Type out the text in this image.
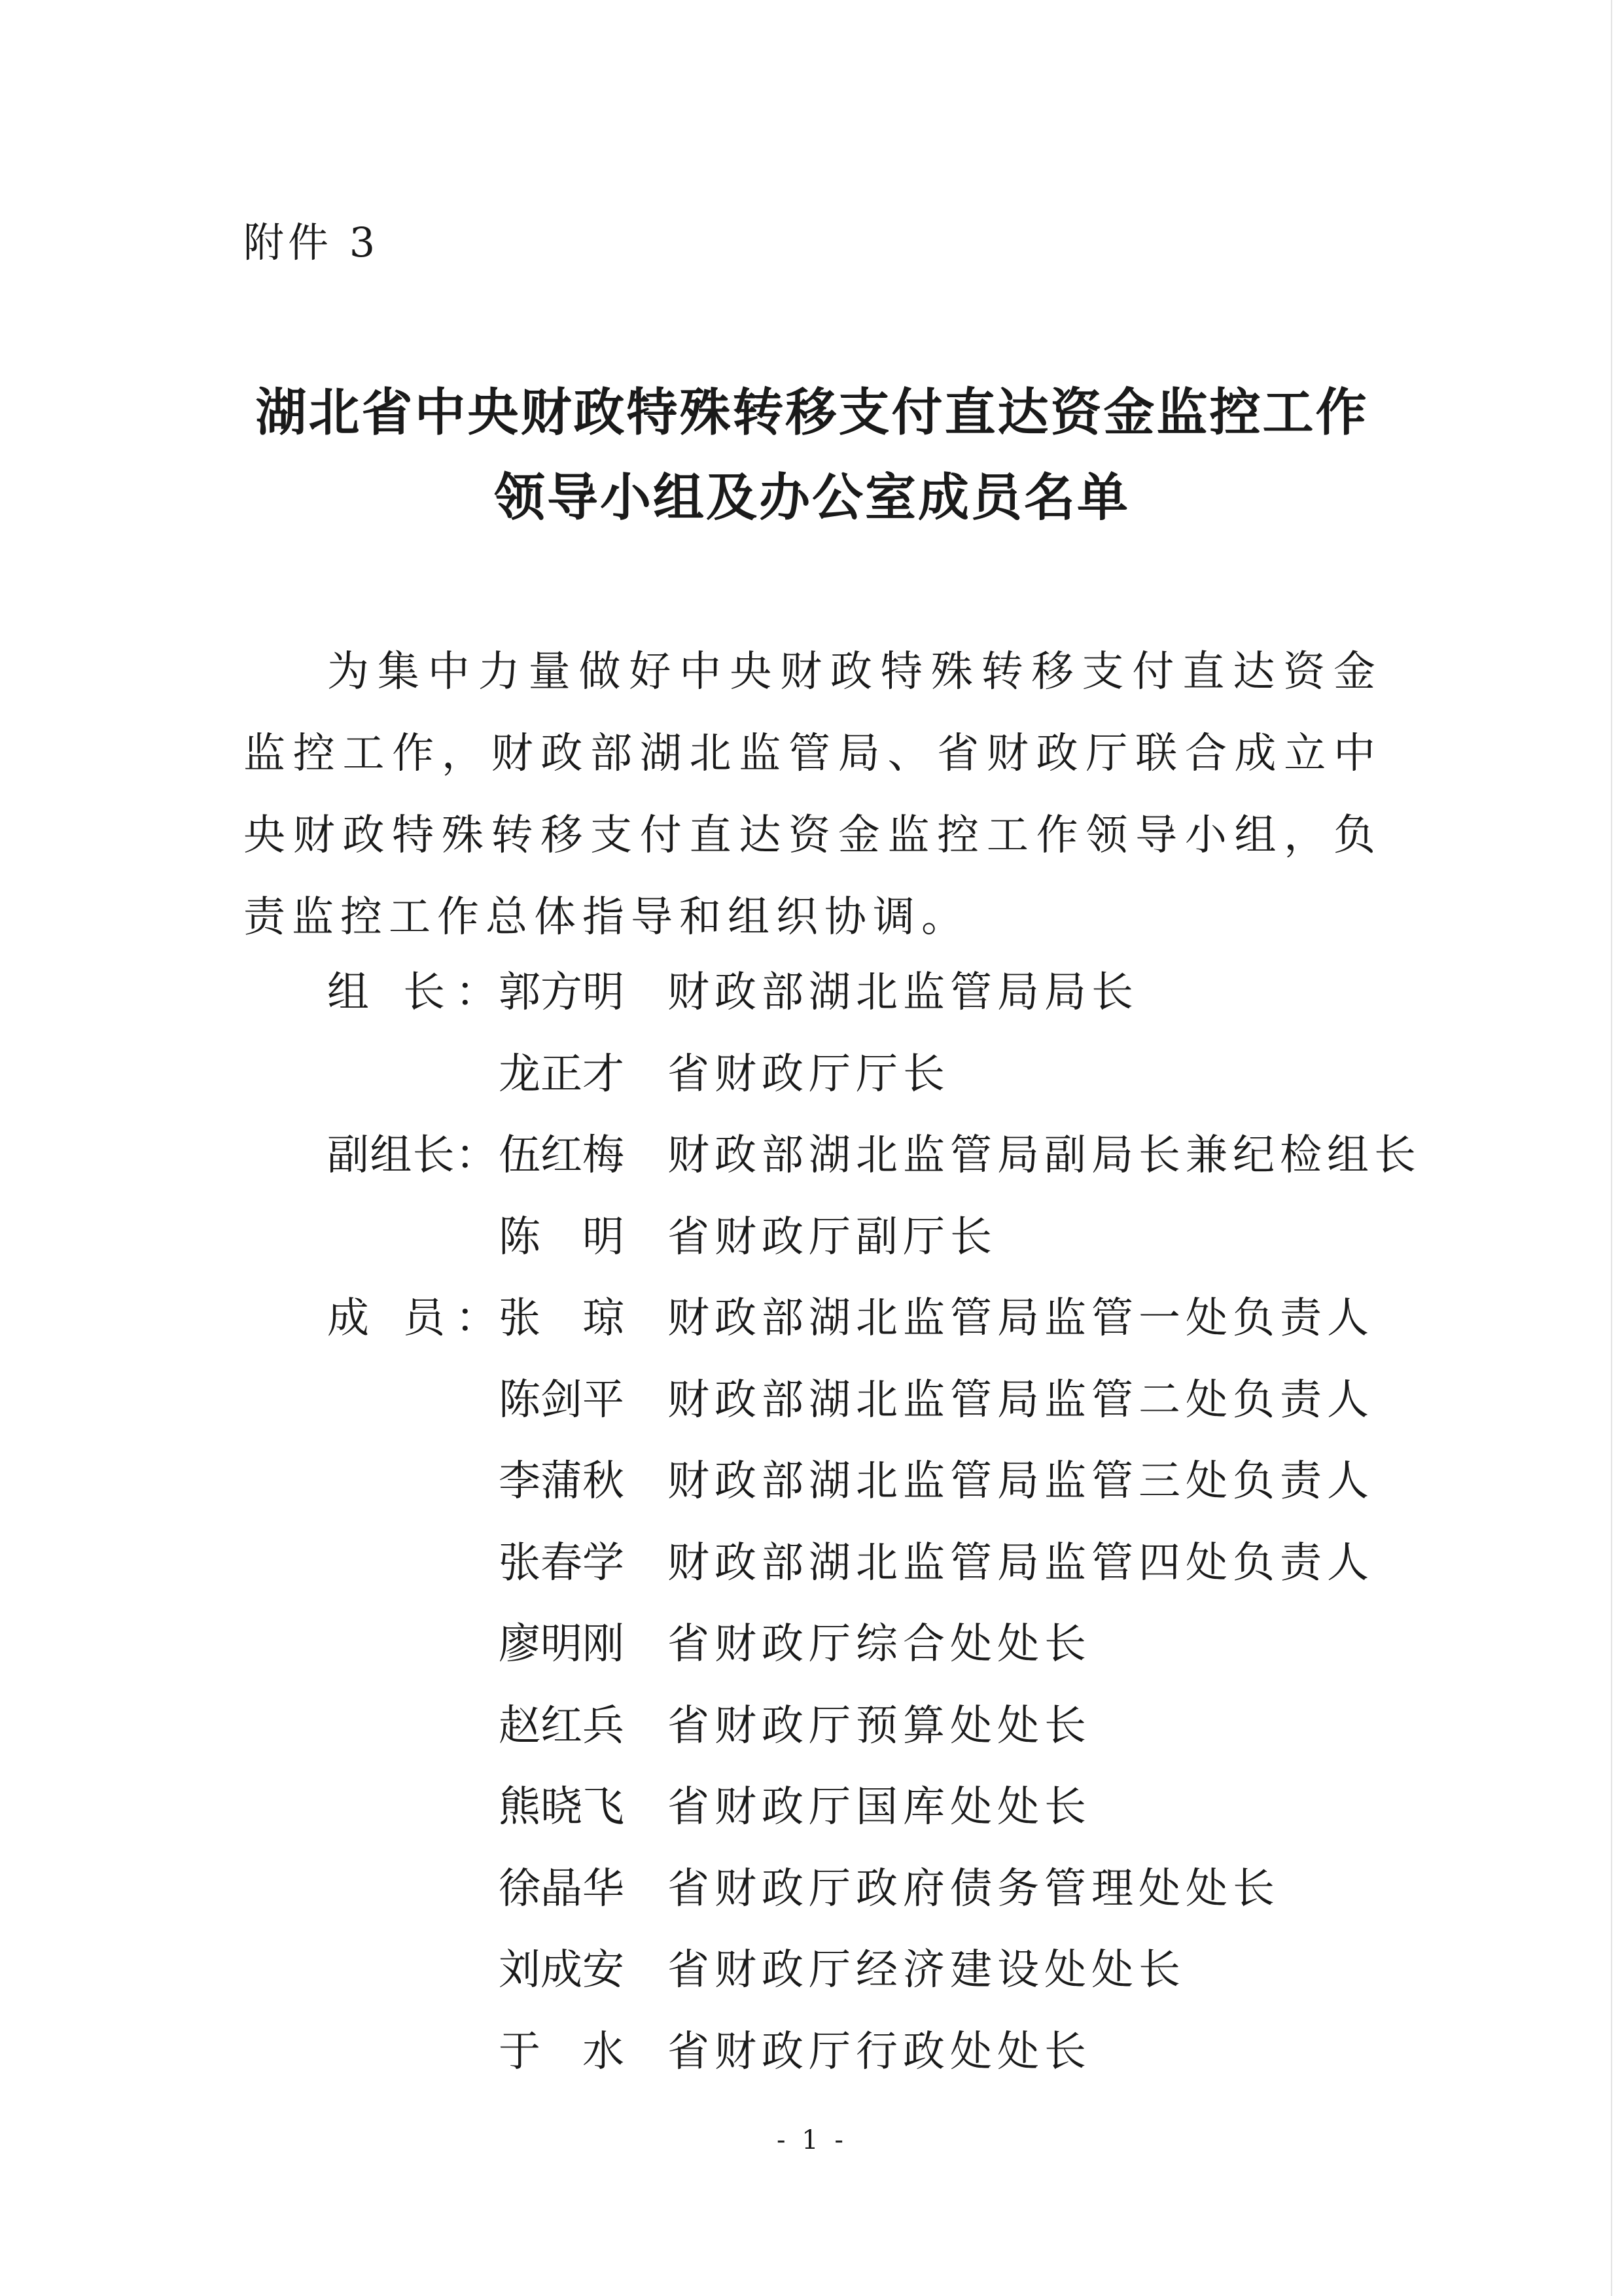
附件 3
湖北省中央财政特殊转移支付直达资金监控工作
领导小组及办公室成员名单
为集中力量做好中央财政特殊转移支付直达资金监控工作，财政部湖北监管局、省财政厅联合成立中央财政特殊转移支付直达资金监控工作领导小组，负责监控工作总体指导和组织协调。
组 长： 郭方明 财政部湖北监管局局长
龙正才 省财政厅厅长
副组长： 伍红梅 财政部湖北监管局副局长兼纪检组长
陈 明 省财政厅副厅长
成 员： 张 琼 财政部湖北监管局监管一处负责人
陈剑平 财政部湖北监管局监管二处负责人
李蒲秋 财政部湖北监管局监管三处负责人
张春学 财政部湖北监管局监管四处负责人
廖明刚 省财政厅综合处处长
赵红兵 省财政厅预算处处长
熊晓飞 省财政厅国库处处长
徐晶华 省财政厅政府债务管理处处长
刘成安 省财政厅经济建设处处长
于 水 省财政厅行政处处长
- 1 -
